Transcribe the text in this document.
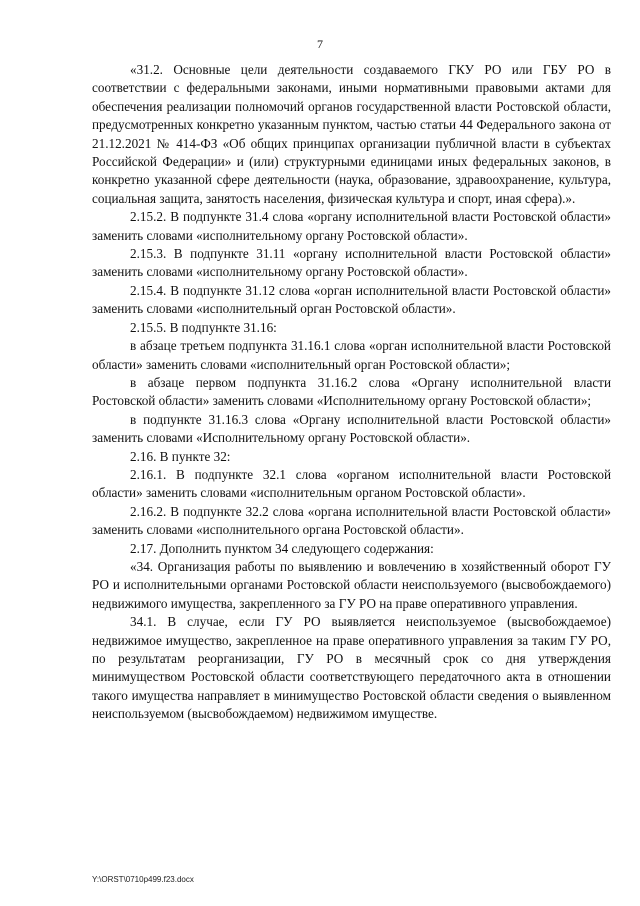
7

«31.2. Основные цели деятельности создаваемого ГКУ РО или ГБУ РО в соответствии с федеральными законами, иными нормативными правовыми актами для обеспечения реализации полномочий органов государственной власти Ростовской области, предусмотренных конкретно указанным пунктом, частью статьи 44 Федерального закона от 21.12.2021 № 414-ФЗ «Об общих принципах организации публичной власти в субъектах Российской Федерации» и (или) структурными единицами иных федеральных законов, в конкретно указанной сфере деятельности (наука, образование, здравоохранение, культура, социальная защита, занятость населения, физическая культура и спорт, иная сфера).».

2.15.2. В подпункте 31.4 слова «органу исполнительной власти Ростовской области» заменить словами «исполнительному органу Ростовской области».

2.15.3. В подпункте 31.11 «органу исполнительной власти Ростовской области» заменить словами «исполнительному органу Ростовской области».

2.15.4. В подпункте 31.12 слова «орган исполнительной власти Ростовской области» заменить словами «исполнительный орган Ростовской области».

2.15.5. В подпункте 31.16:

в абзаце третьем подпункта 31.16.1 слова «орган исполнительной власти Ростовской области» заменить словами «исполнительный орган Ростовской области»;

в абзаце первом подпункта 31.16.2 слова «Органу исполнительной власти Ростовской области» заменить словами «Исполнительному органу Ростовской области»;

в подпункте 31.16.3 слова «Органу исполнительной власти Ростовской области» заменить словами «Исполнительному органу Ростовской области».

2.16. В пункте 32:

2.16.1. В подпункте 32.1 слова «органом исполнительной власти Ростовской области» заменить словами «исполнительным органом Ростовской области».

2.16.2. В подпункте 32.2 слова «органа исполнительной власти Ростовской области» заменить словами «исполнительного органа Ростовской области».

2.17. Дополнить пунктом 34 следующего содержания:

«34. Организация работы по выявлению и вовлечению в хозяйственный оборот ГУ РО и исполнительными органами Ростовской области неиспользуемого (высвобождаемого) недвижимого имущества, закрепленного за ГУ РО на праве оперативного управления.

34.1. В случае, если ГУ РО выявляется неиспользуемое (высвобождаемое) недвижимое имущество, закрепленное на праве оперативного управления за таким ГУ РО, по результатам реорганизации, ГУ РО в месячный срок со дня утверждения минимуществом Ростовской области соответствующего передаточного акта в отношении такого имущества направляет в минимущество Ростовской области сведения о выявленном неиспользуемом (высвобождаемом) недвижимом имуществе.

Y:\ORST\0710p499.f23.docx
